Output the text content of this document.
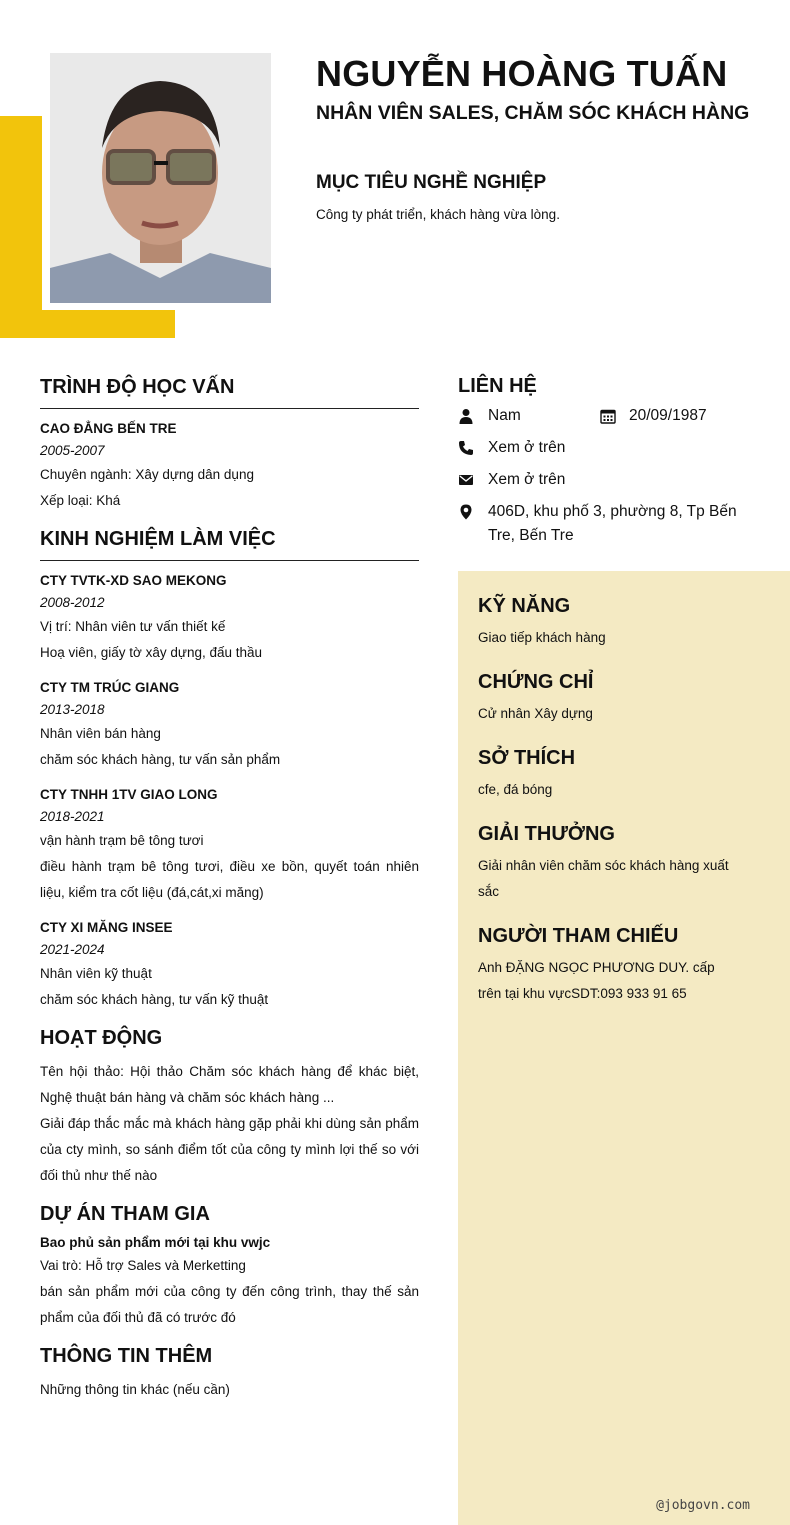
NGUYỄN HOÀNG TUẤN
NHÂN VIÊN SALES, CHĂM SÓC KHÁCH HÀNG
MỤC TIÊU NGHỀ NGHIỆP
Công ty phát triển, khách hàng vừa lòng.
TRÌNH ĐỘ HỌC VẤN
CAO ĐẲNG BẾN TRE
2005-2007
Chuyên ngành: Xây dựng dân dụng
Xếp loại: Khá
KINH NGHIỆM LÀM VIỆC
CTY TVTK-XD SAO MEKONG
2008-2012
Vị trí: Nhân viên tư vấn thiết kế
Hoạ viên, giấy tờ xây dựng, đấu thầu
CTY TM TRÚC GIANG
2013-2018
Nhân viên bán hàng
chăm sóc khách hàng, tư vấn sản phẩm
CTY TNHH 1TV GIAO LONG
2018-2021
vận hành trạm bê tông tươi
điều hành trạm bê tông tươi, điều xe bồn, quyết toán nhiên liệu, kiểm tra cốt liệu (đá,cát,xi măng)
CTY XI MĂNG INSEE
2021-2024
Nhân viên kỹ thuật
chăm sóc khách hàng, tư vấn kỹ thuật
HOẠT ĐỘNG
Tên hội thảo: Hội thảo Chăm sóc khách hàng để khác biệt, Nghệ thuật bán hàng và chăm sóc khách hàng ...
Giải đáp thắc mắc mà khách hàng gặp phải khi dùng sản phẩm của cty mình, so sánh điểm tốt của công ty mình lợi thế so với đối thủ như thế nào
DỰ ÁN THAM GIA
Bao phủ sản phẩm mới tại khu vwjc
Vai trò: Hỗ trợ Sales và Merketting
bán sản phẩm mới của công ty đến công trình, thay thế sản phẩm của đối thủ đã có trước đó
THÔNG TIN THÊM
Những thông tin khác (nếu cần)
LIÊN HỆ
Nam
Xem ở trên
Xem ở trên
406D, khu phố 3, phường 8, Tp Bến Tre, Bến Tre
20/09/1987
KỸ NĂNG
Giao tiếp khách hàng
CHỨNG CHỈ
Cử nhân Xây dựng
SỞ THÍCH
cfe, đá bóng
GIẢI THƯỞNG
Giải nhân viên chăm sóc khách hàng xuất sắc
NGƯỜI THAM CHIẾU
Anh ĐẶNG NGỌC PHƯƠNG DUY. cấp trên tại khu vựcSDT:093 933 91 65
@jobgovn.com
